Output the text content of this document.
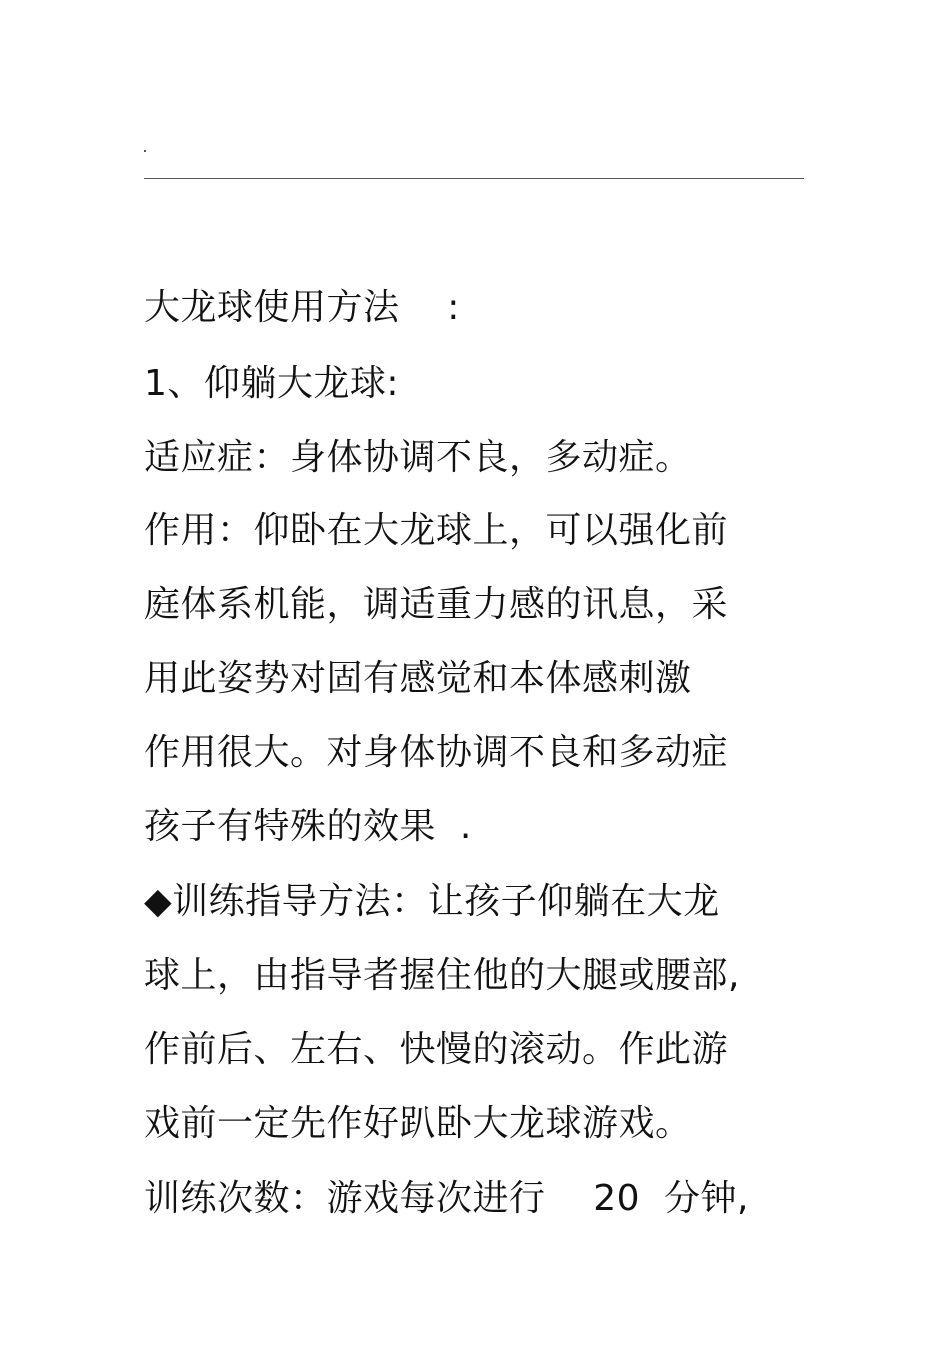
大龙球使用方法    :
1、仰躺大龙球:
适应症：身体协调不良，多动症。
作用：仰卧在大龙球上，可以强化前
庭体系机能，调适重力感的讯息，采
用此姿势对固有感觉和本体感刺激
作用很大。对身体协调不良和多动症
孩子有特殊的效果  .
◆训练指导方法：让孩子仰躺在大龙
球上，由指导者握住他的大腿或腰部,
作前后、左右、快慢的滚动。作此游
戏前一定先作好趴卧大龙球游戏。
训练次数：游戏每次进行    20  分钟,
